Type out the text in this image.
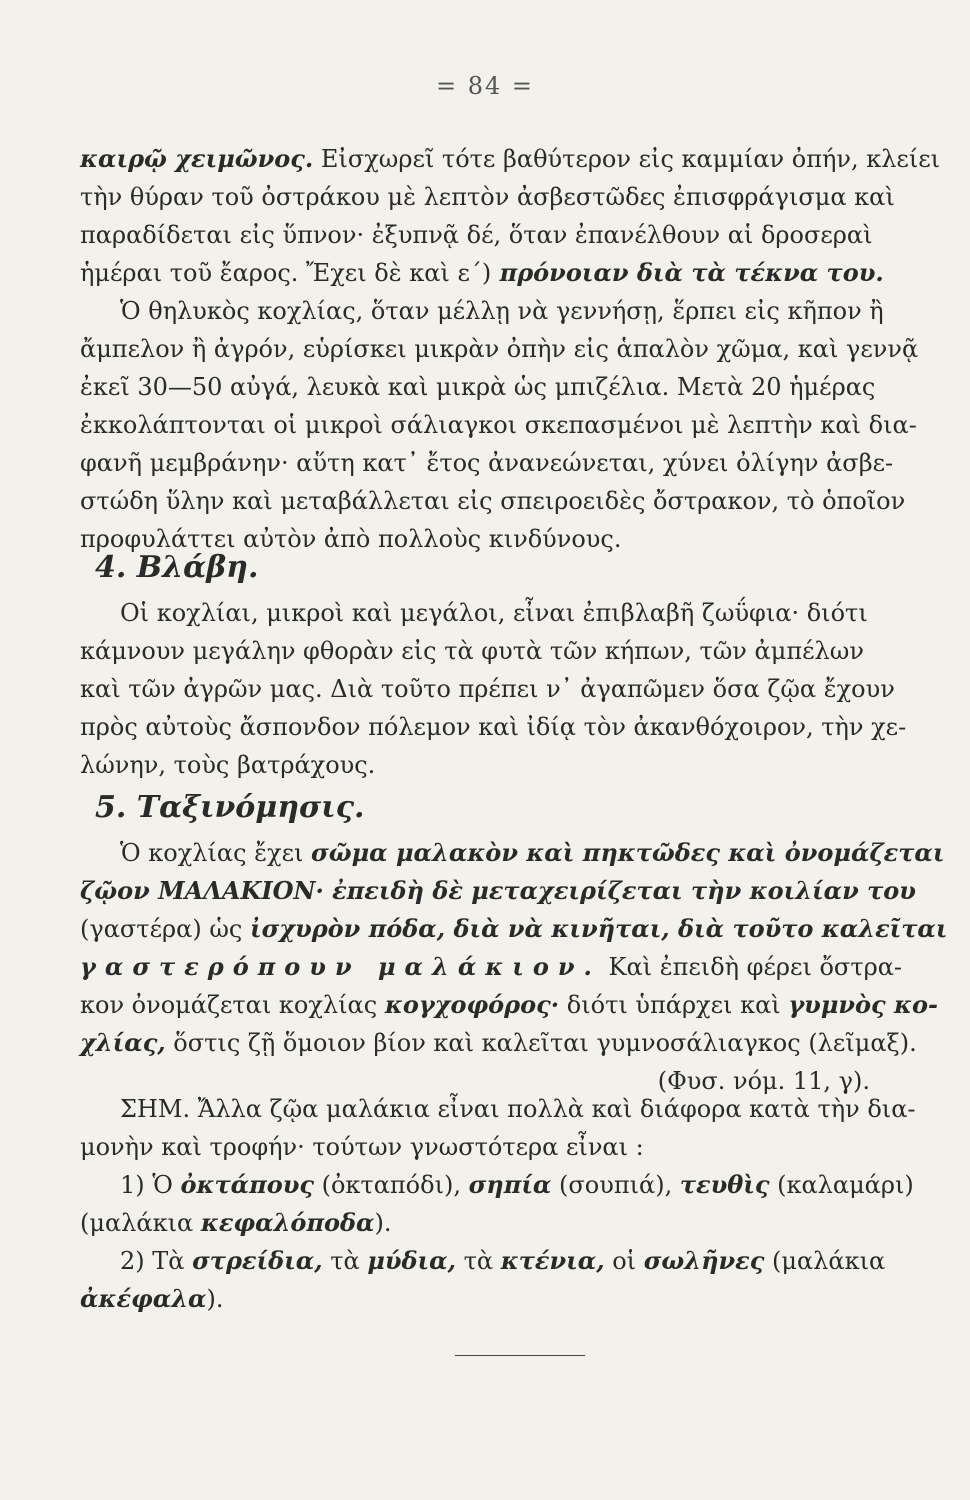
= 84 =
καιρῷ χειμῶνος. Εἰσχωρεῖ τότε βαθύτερον εἰς καμμίαν ὀπήν, κλείει
τὴν θύραν τοῦ ὀστράκου μὲ λεπτὸν ἀσβεστῶδες ἐπισφράγισμα καὶ
παραδίδεται εἰς ὕπνον· ἐξυπνᾷ δέ, ὅταν ἐπανέλθουν αἱ δροσεραὶ
ἡμέραι τοῦ ἔαρος. Ἔχει δὲ καὶ ε΄) πρόνοιαν διὰ τὰ τέκνα του.
Ὁ θηλυκὸς κοχλίας, ὅταν μέλλῃ νὰ γεννήσῃ, ἕρπει εἰς κῆπον ἢ
ἄμπελον ἢ ἀγρόν, εὑρίσκει μικρὰν ὀπὴν εἰς ἁπαλὸν χῶμα, καὶ γεννᾷ
ἐκεῖ 30—50 αὐγά, λευκὰ καὶ μικρὰ ὡς μπιζέλια. Μετὰ 20 ἡμέρας
ἐκκολάπτονται οἱ μικροὶ σάλιαγκοι σκεπασμένοι μὲ λεπτὴν καὶ δια-
φανῆ μεμβράνην· αὕτη κατ᾽ ἔτος ἀνανεώνεται, χύνει ὀλίγην ἀσβε-
στώδη ὕλην καὶ μεταβάλλεται εἰς σπειροειδὲς ὄστρακον, τὸ ὁποῖον
προφυλάττει αὐτὸν ἀπὸ πολλοὺς κινδύνους.
4. Βλάβη.
Οἱ κοχλίαι, μικροὶ καὶ μεγάλοι, εἶναι ἐπιβλαβῆ ζωΰφια· διότι
κάμνουν μεγάλην φθορὰν εἰς τὰ φυτὰ τῶν κήπων, τῶν ἀμπέλων
καὶ τῶν ἀγρῶν μας. Διὰ τοῦτο πρέπει ν᾽ ἀγαπῶμεν ὅσα ζῷα ἔχουν
πρὸς αὐτοὺς ἄσπονδον πόλεμον καὶ ἰδίᾳ τὸν ἀκανθόχοιρον, τὴν χε-
λώνην, τοὺς βατράχους.
5. Ταξινόμησις.
Ὁ κοχλίας ἔχει σῶμα μαλακὸν καὶ πηκτῶδες καὶ ὀνομάζεται
ζῷον ΜΑΛΑΚΙΟΝ· ἐπειδὴ δὲ μεταχειρίζεται τὴν κοιλίαν του
(γαστέρα) ὡς ἰσχυρὸν πόδα, διὰ νὰ κινῆται, διὰ τοῦτο καλεῖται
γαστερόπουν μαλάκιον. Καὶ ἐπειδὴ φέρει ὄστρα-
κον ὀνομάζεται κοχλίας κογχοφόρος· διότι ὑπάρχει καὶ γυμνὸς κο-
χλίας, ὅστις ζῇ ὅμοιον βίον καὶ καλεῖται γυμνοσάλιαγκος (λεῖμαξ).
(Φυσ. νόμ. 11, γ).
ΣΗΜ. Ἄλλα ζῷα μαλάκια εἶναι πολλὰ καὶ διάφορα κατὰ τὴν δια-
μονὴν καὶ τροφήν· τούτων γνωστότερα εἶναι :
1) Ὁ ὀκτάπους (ὀκταπόδι), σηπία (σουπιά), τευθὶς (καλαμάρι)
(μαλάκια κεφαλόποδα).
2) Τὰ στρείδια, τὰ μύδια, τὰ κτένια, οἱ σωλῆνες (μαλάκια
ἀκέφαλα).
